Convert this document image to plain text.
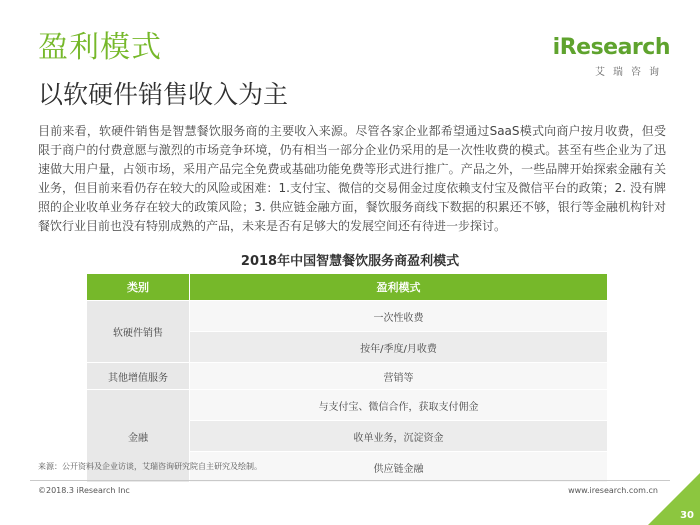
盈利模式
以软硬件销售收入为主
iResearch
艾瑞咨询
目前来看，软硬件销售是智慧餐饮服务商的主要收入来源。尽管各家企业都希望通过SaaS模式向商户按月收费，但受限于商户的付费意愿与激烈的市场竞争环境，仍有相当一部分企业仍采用的是一次性收费的模式。甚至有些企业为了迅速做大用户量，占领市场，采用产品完全免费或基础功能免费等形式进行推广。产品之外，一些品牌开始探索金融有关业务，但目前来看仍存在较大的风险或困难：1.支付宝、微信的交易佣金过度依赖支付宝及微信平台的政策；2. 没有牌照的企业收单业务存在较大的政策风险；3. 供应链金融方面，餐饮服务商线下数据的积累还不够，银行等金融机构针对餐饮行业目前也没有特别成熟的产品，未来是否有足够大的发展空间还有待进一步探讨。
2018年中国智慧餐饮服务商盈利模式
类别	盈利模式
软硬件销售	一次性收费
	按年/季度/月收费
其他增值服务	营销等
金融	与支付宝、微信合作，获取支付佣金
	收单业务，沉淀资金
	供应链金融
来源：公开资料及企业访谈，艾瑞咨询研究院自主研究及绘制。
©2018.3 iResearch Inc	www.iresearch.com.cn
30
